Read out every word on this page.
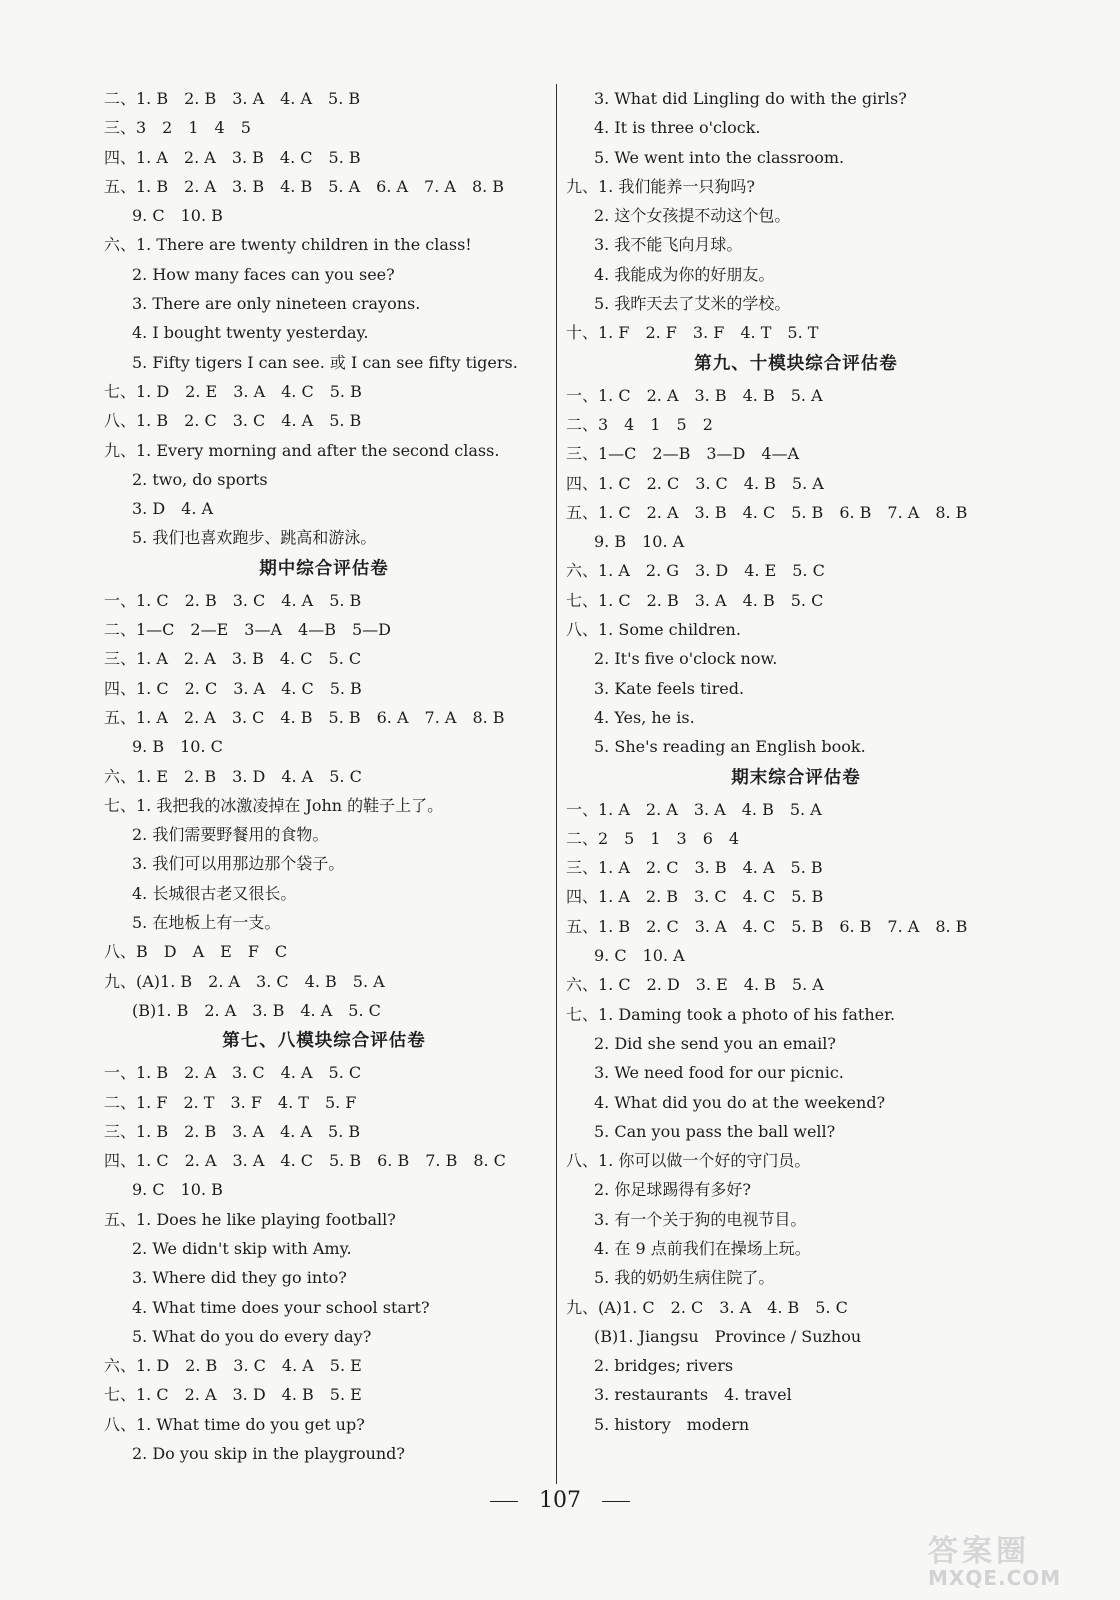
二、1. B　2. B　3. A　4. A　5. B
三、3　2　1　4　5
四、1. A　2. A　3. B　4. C　5. B
五、1. B　2. A　3. B　4. B　5. A　6. A　7. A　8. B
9. C　10. B
六、1. There are twenty children in the class!
2. How many faces can you see?
3. There are only nineteen crayons.
4. I bought twenty yesterday.
5. Fifty tigers I can see. 或 I can see fifty tigers.
七、1. D　2. E　3. A　4. C　5. B
八、1. B　2. C　3. C　4. A　5. B
九、1. Every morning and after the second class.
2. two, do sports
3. D　4. A
5. 我们也喜欢跑步、跳高和游泳。
期中综合评估卷
一、1. C　2. B　3. C　4. A　5. B
二、1—C　2—E　3—A　4—B　5—D
三、1. A　2. A　3. B　4. C　5. C
四、1. C　2. C　3. A　4. C　5. B
五、1. A　2. A　3. C　4. B　5. B　6. A　7. A　8. B
9. B　10. C
六、1. E　2. B　3. D　4. A　5. C
七、1. 我把我的冰激凌掉在 John 的鞋子上了。
2. 我们需要野餐用的食物。
3. 我们可以用那边那个袋子。
4. 长城很古老又很长。
5. 在地板上有一支。
八、B　D　A　E　F　C
九、(A)1. B　2. A　3. C　4. B　5. A
(B)1. B　2. A　3. B　4. A　5. C
第七、八模块综合评估卷
一、1. B　2. A　3. C　4. A　5. C
二、1. F　2. T　3. F　4. T　5. F
三、1. B　2. B　3. A　4. A　5. B
四、1. C　2. A　3. A　4. C　5. B　6. B　7. B　8. C
9. C　10. B
五、1. Does he like playing football?
2. We didn't skip with Amy.
3. Where did they go into?
4. What time does your school start?
5. What do you do every day?
六、1. D　2. B　3. C　4. A　5. E
七、1. C　2. A　3. D　4. B　5. E
八、1. What time do you get up?
2. Do you skip in the playground?
3. What did Lingling do with the girls?
4. It is three o'clock.
5. We went into the classroom.
九、1. 我们能养一只狗吗?
2. 这个女孩提不动这个包。
3. 我不能飞向月球。
4. 我能成为你的好朋友。
5. 我昨天去了艾米的学校。
十、1. F　2. F　3. F　4. T　5. T
第九、十模块综合评估卷
一、1. C　2. A　3. B　4. B　5. A
二、3　4　1　5　2
三、1—C　2—B　3—D　4—A
四、1. C　2. C　3. C　4. B　5. A
五、1. C　2. A　3. B　4. C　5. B　6. B　7. A　8. B
9. B　10. A
六、1. A　2. G　3. D　4. E　5. C
七、1. C　2. B　3. A　4. B　5. C
八、1. Some children.
2. It's five o'clock now.
3. Kate feels tired.
4. Yes, he is.
5. She's reading an English book.
期末综合评估卷
一、1. A　2. A　3. A　4. B　5. A
二、2　5　1　3　6　4
三、1. A　2. C　3. B　4. A　5. B
四、1. A　2. B　3. C　4. C　5. B
五、1. B　2. C　3. A　4. C　5. B　6. B　7. A　8. B
9. C　10. A
六、1. C　2. D　3. E　4. B　5. A
七、1. Daming took a photo of his father.
2. Did she send you an email?
3. We need food for our picnic.
4. What did you do at the weekend?
5. Can you pass the ball well?
八、1. 你可以做一个好的守门员。
2. 你足球踢得有多好?
3. 有一个关于狗的电视节目。
4. 在 9 点前我们在操场上玩。
5. 我的奶奶生病住院了。
九、(A)1. C　2. C　3. A　4. B　5. C
(B)1. Jiangsu　Province / Suzhou
2. bridges; rivers
3. restaurants　4. travel
5. history　modern
107
答案圈
MXQE.COM
